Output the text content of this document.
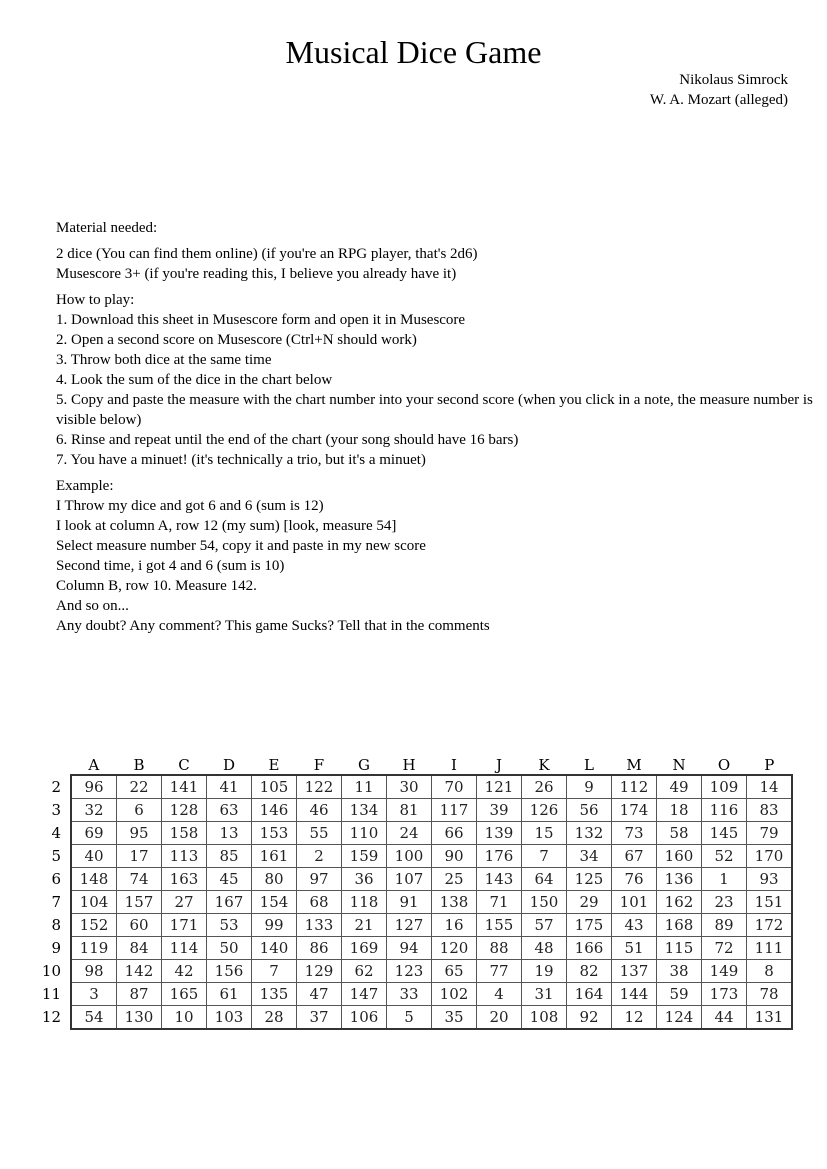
Musical Dice Game
Nikolaus Simrock
W. A. Mozart (alleged)
Material needed:
2 dice (You can find them online) (if you're an RPG player, that's 2d6)
Musescore 3+ (if you're reading this, I believe you already have it)
How to play:
1. Download this sheet in Musescore form and open it in Musescore
2. Open a second score on Musescore (Ctrl+N should work)
3. Throw both dice at the same time
4. Look the sum of the dice in the chart below
5. Copy and paste the measure with the chart number into your second score (when you click in a note, the measure number is visible below)
6. Rinse and repeat until the end of the chart (your song should have 16 bars)
7. You have a minuet! (it's technically a trio, but it's a minuet)
Example:
I Throw my dice and got 6 and 6 (sum is 12)
I look at column A, row 12 (my sum) [look, measure 54]
Select measure number 54, copy it and paste in my new score
Second time, i got 4 and 6 (sum is 10)
Column B, row 10. Measure 142.
And so on...
Any doubt? Any comment? This game Sucks? Tell that in the comments
	A	B	C	D	E	F	G	H	I	J	K	L	M	N	O	P
2	96	22	141	41	105	122	11	30	70	121	26	9	112	49	109	14
3	32	6	128	63	146	46	134	81	117	39	126	56	174	18	116	83
4	69	95	158	13	153	55	110	24	66	139	15	132	73	58	145	79
5	40	17	113	85	161	2	159	100	90	176	7	34	67	160	52	170
6	148	74	163	45	80	97	36	107	25	143	64	125	76	136	1	93
7	104	157	27	167	154	68	118	91	138	71	150	29	101	162	23	151
8	152	60	171	53	99	133	21	127	16	155	57	175	43	168	89	172
9	119	84	114	50	140	86	169	94	120	88	48	166	51	115	72	111
10	98	142	42	156	7	129	62	123	65	77	19	82	137	38	149	8
11	3	87	165	61	135	47	147	33	102	4	31	164	144	59	173	78
12	54	130	10	103	28	37	106	5	35	20	108	92	12	124	44	131
